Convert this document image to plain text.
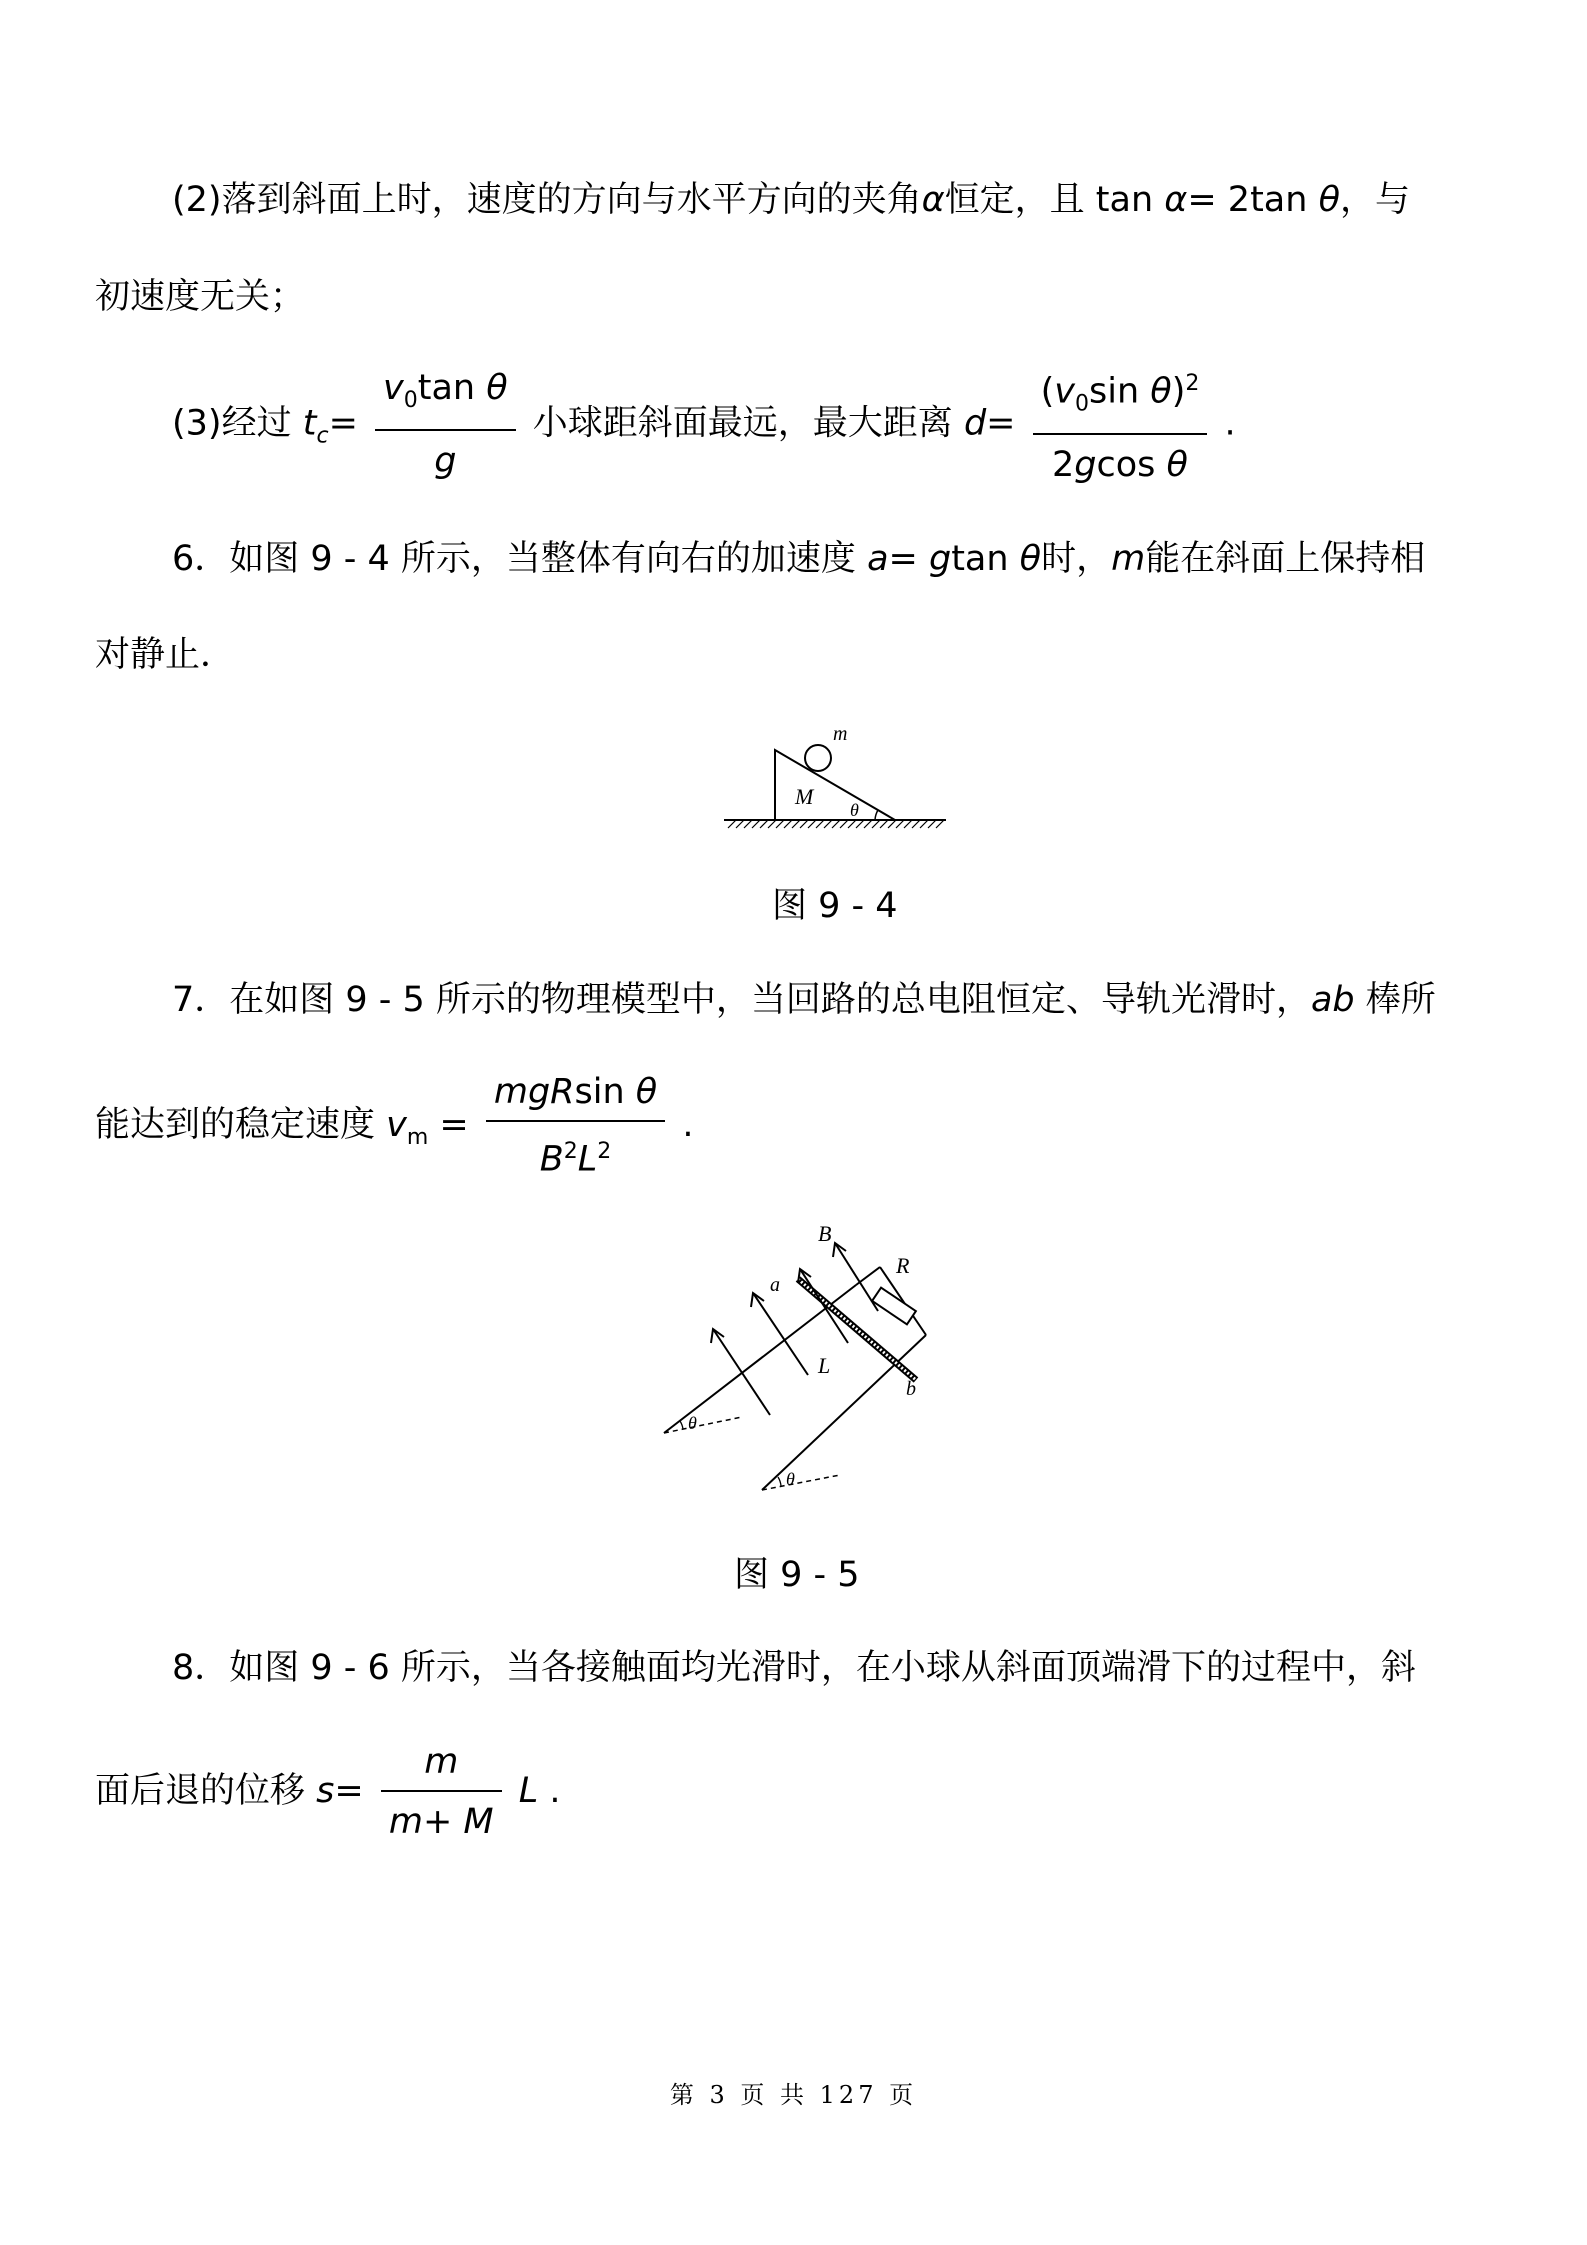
(2)落到斜面上时，速度的方向与水平方向的夹角α恒定，且 tan α= 2tan θ，与
初速度无关；
(3)经过 $t_c= \frac{v_0\tan \theta}{g}$ 小球距斜面最远，最大距离 $d= \frac{(v_0\sin \theta)^2}{\text{2gcos θ}}$ .
6．如图 9 - 4 所示，当整体有向右的加速度 a= gtan θ时，m能在斜面上保持相
对静止．
m
M
θ
图 9 - 4
7．在如图 9 - 5 所示的物理模型中，当回路的总电阻恒定、导轨光滑时，ab 棒所
能达到的稳定速度 $v_m = \frac{\text{mgRsin θ}}{B^2L^2}$ .
B
R
a
L
b
θ
θ
图 9 - 5
8．如图 9 - 6 所示，当各接触面均光滑时，在小球从斜面顶端滑下的过程中，斜
面后退的位移 $s= \frac{m}{m+ M}$ L .
第 3 页 共 127 页
